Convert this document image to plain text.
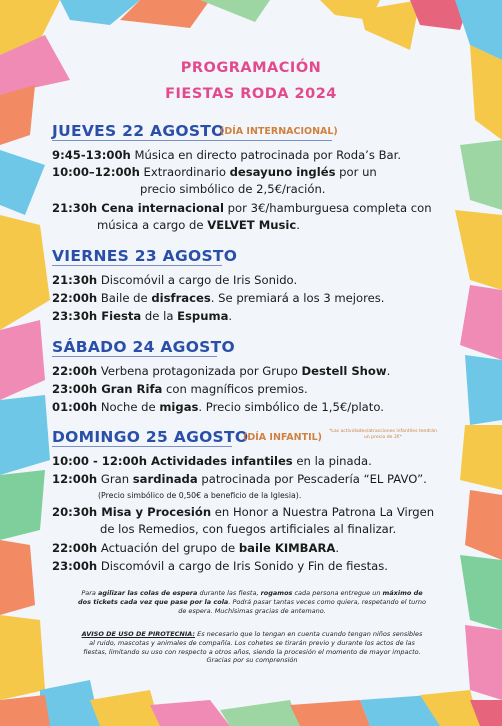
PROGRAMACIÓN
FIESTAS RODA 2024
JUEVES 22 AGOSTO
(DÍA INTERNACIONAL)
9:45-13:00h Música en directo patrocinada por Roda’s Bar.
10:00–12:00h Extraordinario desayuno inglés por un
precio simbólico de 2,5€/ración.
21:30h Cena internacional por 3€/hamburguesa completa con
música a cargo de VELVET Music.
VIERNES 23 AGOSTO
21:30h Discomóvil a cargo de Iris Sonido.
22:00h Baile de disfraces. Se premiará a los 3 mejores.
23:30h Fiesta de la Espuma.
SÁBADO 24 AGOSTO
22:00h Verbena protagonizada por Grupo Destell Show.
23:00h Gran Rifa con magníficos premios.
01:00h Noche de migas. Precio simbólico de 1,5€/plato.
DOMINGO 25 AGOSTO
(DÍA INFANTIL)
*Las actividades/atracciones infantiles tendrán un precio de 2€*
10:00 - 12:00h Actividades infantiles en la pinada.
12:00h Gran sardinada patrocinada por Pescadería “EL PAVO”.
(Precio simbólico de 0,50€ a beneficio de la Iglesia).
20:30h Misa y Procesión en Honor a Nuestra Patrona La Virgen
de los Remedios, con fuegos artificiales al finalizar.
22:00h Actuación del grupo de baile KIMBARA.
23:00h Discomóvil a cargo de Iris Sonido y Fin de fiestas.
Para agilizar las colas de espera durante las fiesta, rogamos cada persona entregue un máximo de
dos tickets cada vez que pase por la cola. Podrá pasar tantas veces como quiera, respetando el turno
de espera. Muchísimas gracias de antemano.
AVISO DE USO DE PIROTECNIA: Es necesario que lo tengan en cuenta cuando tengan niños sensibles
al ruido, mascotas y animales de compañía. Los cohetes se tirarán previo y durante los actos de las
fiestas, limitando su uso con respecto a otros años, siendo la procesión el momento de mayor impacto.
Gracias por su comprensión
